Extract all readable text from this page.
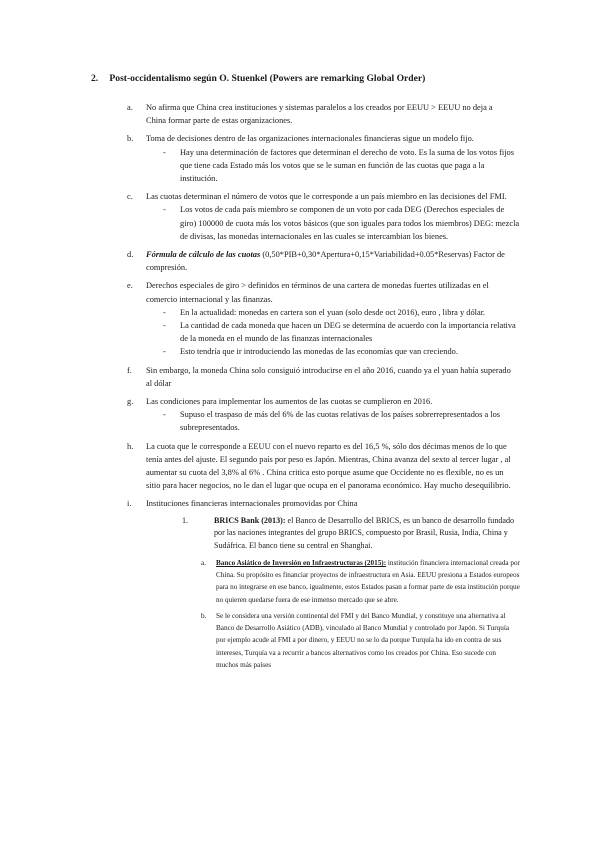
2. Post-occidentalismo según O. Stuenkel (Powers are remarking Global Order)
a. No afirma que China crea instituciones y sistemas paralelos a los creados por EEUU > EEUU no deja a China formar parte de estas organizaciones.
b. Toma de decisiones dentro de las organizaciones internacionales financieras sigue un modelo fijo.
- Hay una determinación de factores que determinan el derecho de voto. Es la suma de los votos fijos que tiene cada Estado más los votos que se le suman en función de las cuotas que paga a la institución.
c. Las cuotas determinan el número de votos que le corresponde a un país miembro en las decisiones del FMI.
- Los votos de cada país miembro se componen de un voto por cada DEG (Derechos especiales de giro) 100000 de cuota más los votos básicos (que son iguales para todos los miembros) DEG: mezcla de divisas, las monedas internacionales en las cuales se intercambian los bienes.
d. Fórmula de cálculo de las cuotas (0,50*PIB+0,30*Apertura+0,15*Variabilidad+0.05*Reservas) Factor de compresión.
e. Derechos especiales de giro > definidos en términos de una cartera de monedas fuertes utilizadas en el comercio internacional y las finanzas.
- En la actualidad: monedas en cartera son el yuan (solo desde oct 2016), euro , libra y dólar.
- La cantidad de cada moneda que hacen un DEG se determina de acuerdo con la importancia relativa de la moneda en el mundo de las finanzas internacionales
- Esto tendría que ir introduciendo las monedas de las economías que van creciendo.
f. Sin embargo, la moneda China solo consiguió introducirse en el año 2016, cuando ya el yuan había superado al dólar
g. Las condiciones para implementar los aumentos de las cuotas se cumplieron en 2016.
- Supuso el traspaso de más del 6% de las cuotas relativas de los países sobrerrepresentados a los subrepresentados.
h. La cuota que le corresponde a EEUU con el nuevo reparto es del 16,5 %, sólo dos décimas menos de lo que tenía antes del ajuste. El segundo país por peso es Japón. Mientras, China avanza del sexto al tercer lugar , al aumentar su cuota del 3,8% al 6% . China critica esto porque asume que Occidente no es flexible, no es un sitio para hacer negocios, no le dan el lugar que ocupa en el panorama económico. Hay mucho desequilibrio.
i. Instituciones financieras internacionales promovidas por China
1.	BRICS Bank (2013): el Banco de Desarrollo del BRICS, es un banco de desarrollo fundado por las naciones integrantes del grupo BRICS, compuesto por Brasil, Rusia, India, China y Sudáfrica. El banco tiene su central en Shanghai.
a. Banco Asiático de Inversión en Infraestructuras (2015): institución financiera internacional creada por China. Su propósito es financiar proyectos de infraestructura en Asia. EEUU presiona a Estados europeos para no integrarse en ese banco, igualmente, estos Estados pasan a formar parte de esta institución porque no quieren quedarse fuera de ese inmenso mercado que se abre.
b. Se le considera una versión continental del FMI y del Banco Mundial, y constituye una alternativa al Banco de Desarrollo Asiático (ADB), vinculado al Banco Mundial y controlado por Japón. Si Turquía por ejemplo acude al FMI a por dinero, y EEUU no se lo da porque Turquía ha ido en contra de sus intereses, Turquía va a recurrir a bancos alternativos como los creados por China. Eso sucede con muchos más países
